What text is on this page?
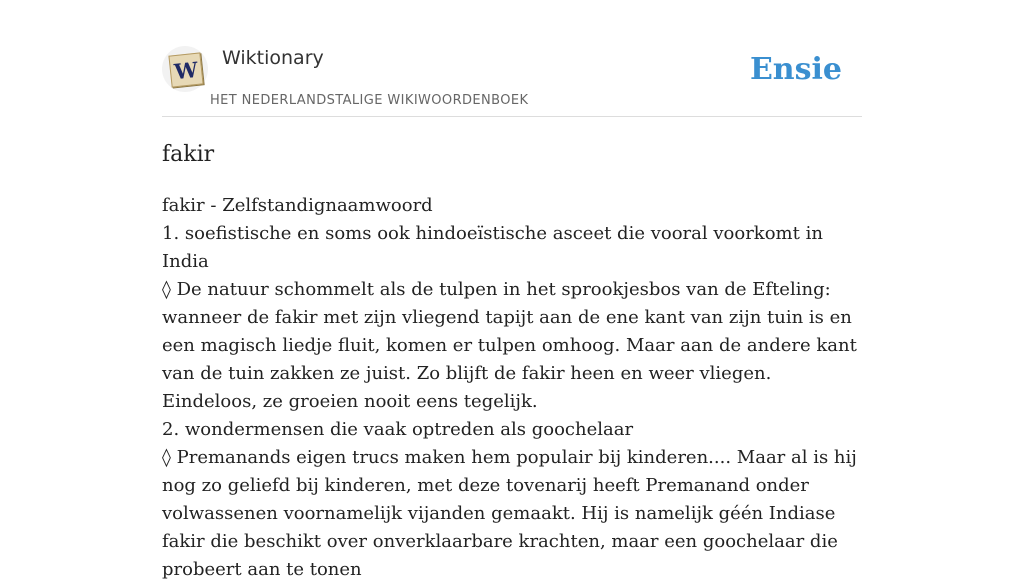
W Wiktionary
HET NEDERLANDSTALIGE WIKIWOORDENBOEK
Ensie
fakir

fakir - Zelfstandignaamwoord

1. soefistische en soms ook hindoeïstische asceet die vooral voorkomt in India

◊ De natuur schommelt als de tulpen in het sprookjesbos van de Efteling: wanneer de fakir met zijn vliegend tapijt aan de ene kant van zijn tuin is en een magisch liedje fluit, komen er tulpen omhoog. Maar aan de andere kant van de tuin zakken ze juist. Zo blijft de fakir heen en weer vliegen. Eindeloos, ze groeien nooit eens tegelijk.

2. wondermensen die vaak optreden als goochelaar

◊ Premanands eigen trucs maken hem populair bij kinderen.... Maar al is hij nog zo geliefd bij kinderen, met deze tovenarij heeft Premanand onder volwassenen voornamelijk vijanden gemaakt. Hij is namelijk géén Indiase fakir die beschikt over onverklaarbare krachten, maar een goochelaar die probeert aan te tonen
